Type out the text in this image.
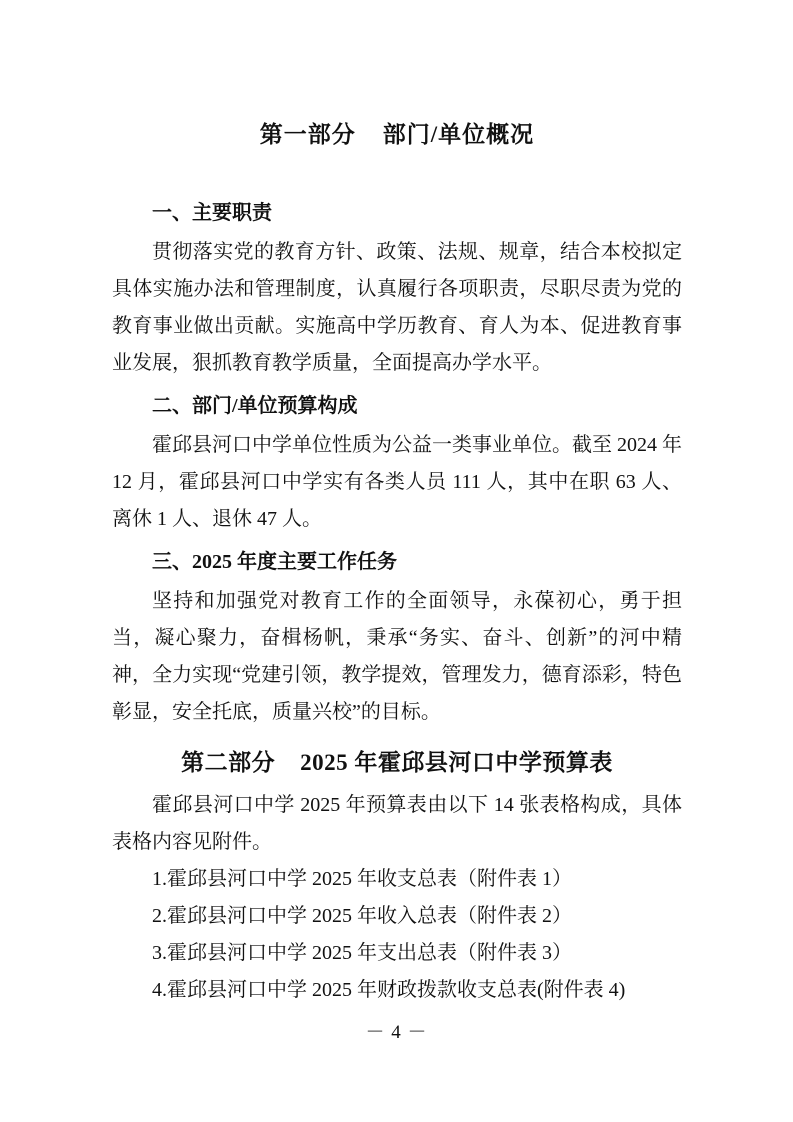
第一部分    部门/单位概况
一、主要职责

贯彻落实党的教育方针、政策、法规、规章，结合本校拟定具体实施办法和管理制度，认真履行各项职责，尽职尽责为党的教育事业做出贡献。实施高中学历教育、育人为本、促进教育事业发展，狠抓教育教学质量，全面提高办学水平。

二、部门/单位预算构成

霍邱县河口中学单位性质为公益一类事业单位。截至 2024 年 12 月，霍邱县河口中学实有各类人员 111 人，其中在职 63 人、离休 1 人、退休 47 人。

三、2025 年度主要工作任务

坚持和加强党对教育工作的全面领导，永葆初心，勇于担当，凝心聚力，奋楫杨帆，秉承“务实、奋斗、创新”的河中精神，全力实现“党建引领，教学提效，管理发力，德育添彩，特色彰显，安全托底，质量兴校”的目标。

第二部分    2025 年霍邱县河口中学预算表

霍邱县河口中学 2025 年预算表由以下 14 张表格构成，具体表格内容见附件。

1.霍邱县河口中学 2025 年收支总表（附件表 1）

2.霍邱县河口中学 2025 年收入总表（附件表 2）

3.霍邱县河口中学 2025 年支出总表（附件表 3）

4.霍邱县河口中学 2025 年财政拨款收支总表(附件表 4)

－ 4 －
